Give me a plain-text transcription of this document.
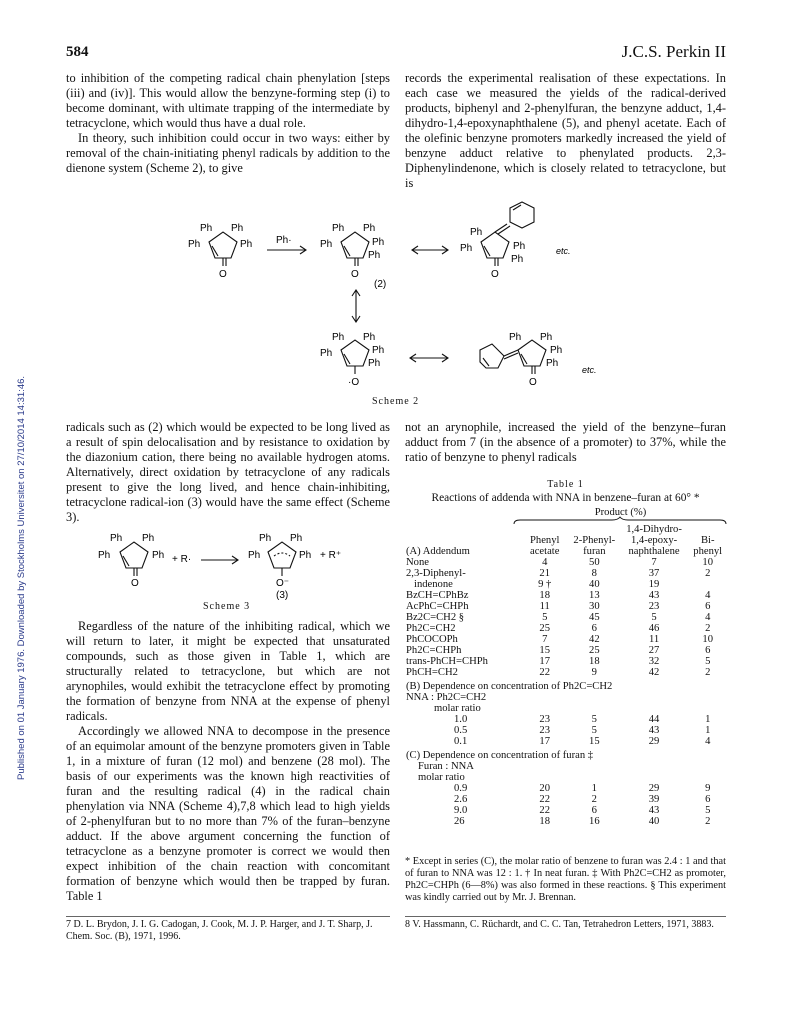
584	J.C.S. Perkin II
Published on 01 January 1976. Downloaded by Stockholms Universitet on 27/10/2014 14:31:46.

to inhibition of the competing radical chain phenylation [steps (iii) and (iv)]. This would allow the benzyne-forming step (i) to become dominant, with ultimate trapping of the intermediate by tetracyclone, which would thus have a dual role.

In theory, such inhibition could occur in two ways: either by removal of the chain-initiating phenyl radicals by addition to the dienone system (Scheme 2), to give

records the experimental realisation of these expectations. In each case we measured the yields of the radical-derived products, biphenyl and 2-phenylfuran, the benzyne adduct, 1,4-dihydro-1,4-epoxynaphthalene (5), and phenyl acetate. Each of the olefinic benzyne promoters markedly increased the yield of benzyne adduct relative to phenylated products. 2,3-Diphenylindenone, which is closely related to tetracyclone, but is

Ph Ph
Ph	Ph
O
Ph·
Ph Ph
Ph	Ph
Ph
O
(2)
Ph
Ph	Ph
Ph
O
etc.
Ph Ph
Ph	Ph
Ph
·O
Ph Ph
Ph
Ph
O
etc.
Scheme 2

radicals such as (2) which would be expected to be long lived as a result of spin delocalisation and by resistance to oxidation by the diazonium cation, there being no available hydrogen atoms. Alternatively, direct oxidation by tetracyclone of any radicals present to give the long lived, and hence chain-inhibiting, tetracyclone radical-ion (3) would have the same effect (Scheme 3).

Ph Ph
Ph	Ph
O
+ R·
Ph Ph
Ph	Ph
O⁻
(3)
+ R⁺
Scheme 3

Regardless of the nature of the inhibiting radical, which we will return to later, it might be expected that unsaturated compounds, such as those given in Table 1, which are structurally related to tetracyclone, but which are not arynophiles, would exhibit the tetracyclone effect by promoting the formation of benzyne from NNA at the expense of phenyl radicals.

Accordingly we allowed NNA to decompose in the presence of an equimolar amount of the benzyne promoters given in Table 1, in a mixture of furan (12 mol) and benzene (28 mol). The basis of our experiments was the known high reactivities of furan and the resulting radical (4) in the radical chain phenylation via NNA (Scheme 4),7,8 which lead to high yields of 2-phenylfuran but to no more than 7% of the furan–benzyne adduct. If the above argument concerning the function of tetracyclone as a benzyne promoter is correct we would then expect inhibition of the chain reaction with concomitant formation of benzyne which would then be trapped by furan. Table 1

7 D. L. Brydon, J. I. G. Cadogan, J. Cook, M. J. P. Harger, and J. T. Sharp, J. Chem. Soc. (B), 1971, 1996.

not an arynophile, increased the yield of the benzyne–furan adduct from 7 (in the absence of a promoter) to 37%, while the ratio of benzyne to phenyl radicals

Table 1
Reactions of addenda with NNA in benzene–furan at 60° *
Product (%)
(A) Addendum	Phenyl acetate	2-Phenyl-furan	1,4-Dihydro-1,4-epoxy-naphthalene	Bi-phenyl
None	4	50	7	10
2,3-Diphenyl-	21	8	37	2
indenone	9 †	40	19	
BzCH=CPhBz	18	13	43	4
AcPhC=CHPh	11	30	23	6
Bz2C=CH2 §	5	45	5	4
Ph2C=CH2	25	6	46	2
PhCOCOPh	7	42	11	10
Ph2C=CHPh	15	25	27	6
trans-PhCH=CHPh	17	18	32	5
PhCH=CH2	22	9	42	2
(B) Dependence on concentration of Ph2C=CH2				
NNA : Ph2C=CH2				
molar ratio				
1.0	23	5	44	1
0.5	23	5	43	1
0.1	17	15	29	4
(C) Dependence on concentration of furan ‡				
Furan : NNA				
molar ratio				
0.9	20	1	29	9
2.6	22	2	39	6
9.0	22	6	43	5
26	18	16	40	2
* Except in series (C), the molar ratio of benzene to furan was 2.4 : 1 and that of furan to NNA was 12 : 1. † In neat furan. ‡ With Ph2C=CH2 as promoter, Ph2C=CHPh (6—8%) was also formed in these reactions. § This experiment was kindly carried out by Mr. J. Brennan.
8 V. Hassmann, C. Rüchardt, and C. C. Tan, Tetrahedron Letters, 1971, 3883.
